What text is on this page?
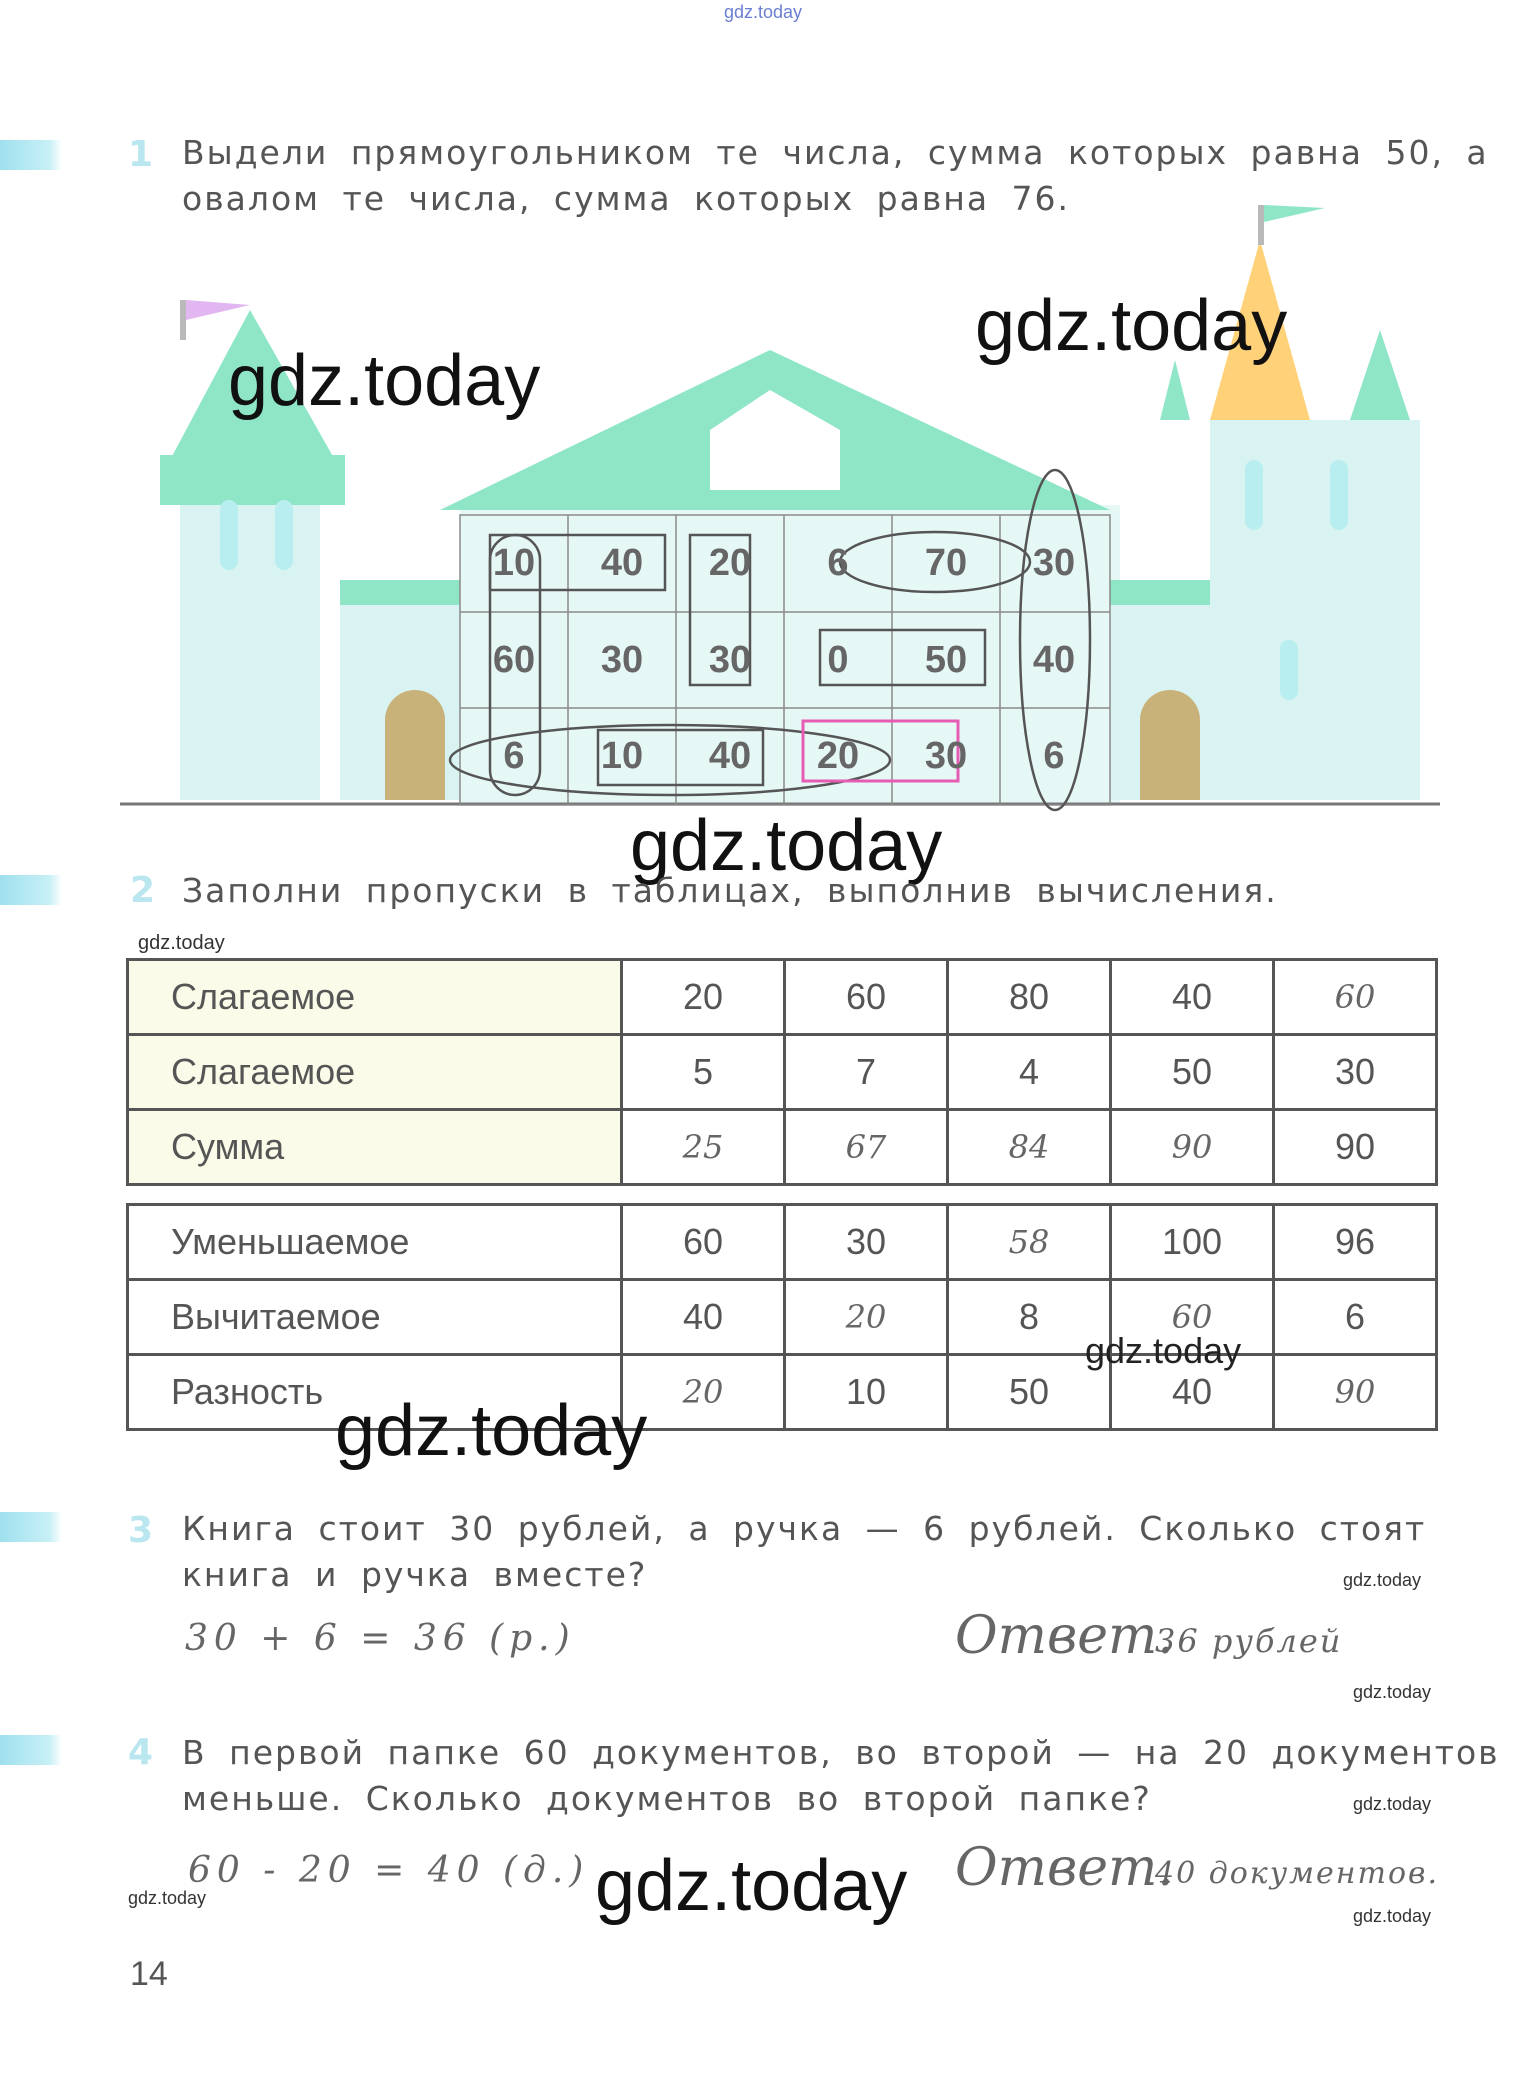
gdz.today
1 Выдели прямоугольником те числа, сумма которых равна 50, а
овалом те числа, сумма которых равна 76.
10	40	20	6	70	30
60	30	30	0	50	40
6	10	40	20	30	6
gdz.today
gdz.today
gdz.today
2 Заполни пропуски в таблицах, выполнив вычисления.
gdz.today
Слагаемое	20	60	80	40	60
Слагаемое	5	7	4	50	30
Сумма	25	67	84	90	90
Уменьшаемое	60	30	58	100	96
Вычитаемое	40	20	8	60	6
Разность	20	10	50	40	90
gdz.today
gdz.today
3 Книга стоит 30 рублей, а ручка — 6 рублей. Сколько стоят
книга и ручка вместе?	gdz.today
30 + 6 = 36 (р.)	Ответ.
36 рублей
gdz.today
4 В первой папке 60 документов, во второй — на 20 документов
меньше. Сколько документов во второй папке?	gdz.today
60 - 20 = 40 (д.)	Ответ.
40 документов.
gdz.today	gdz.today	gdz.today
14
